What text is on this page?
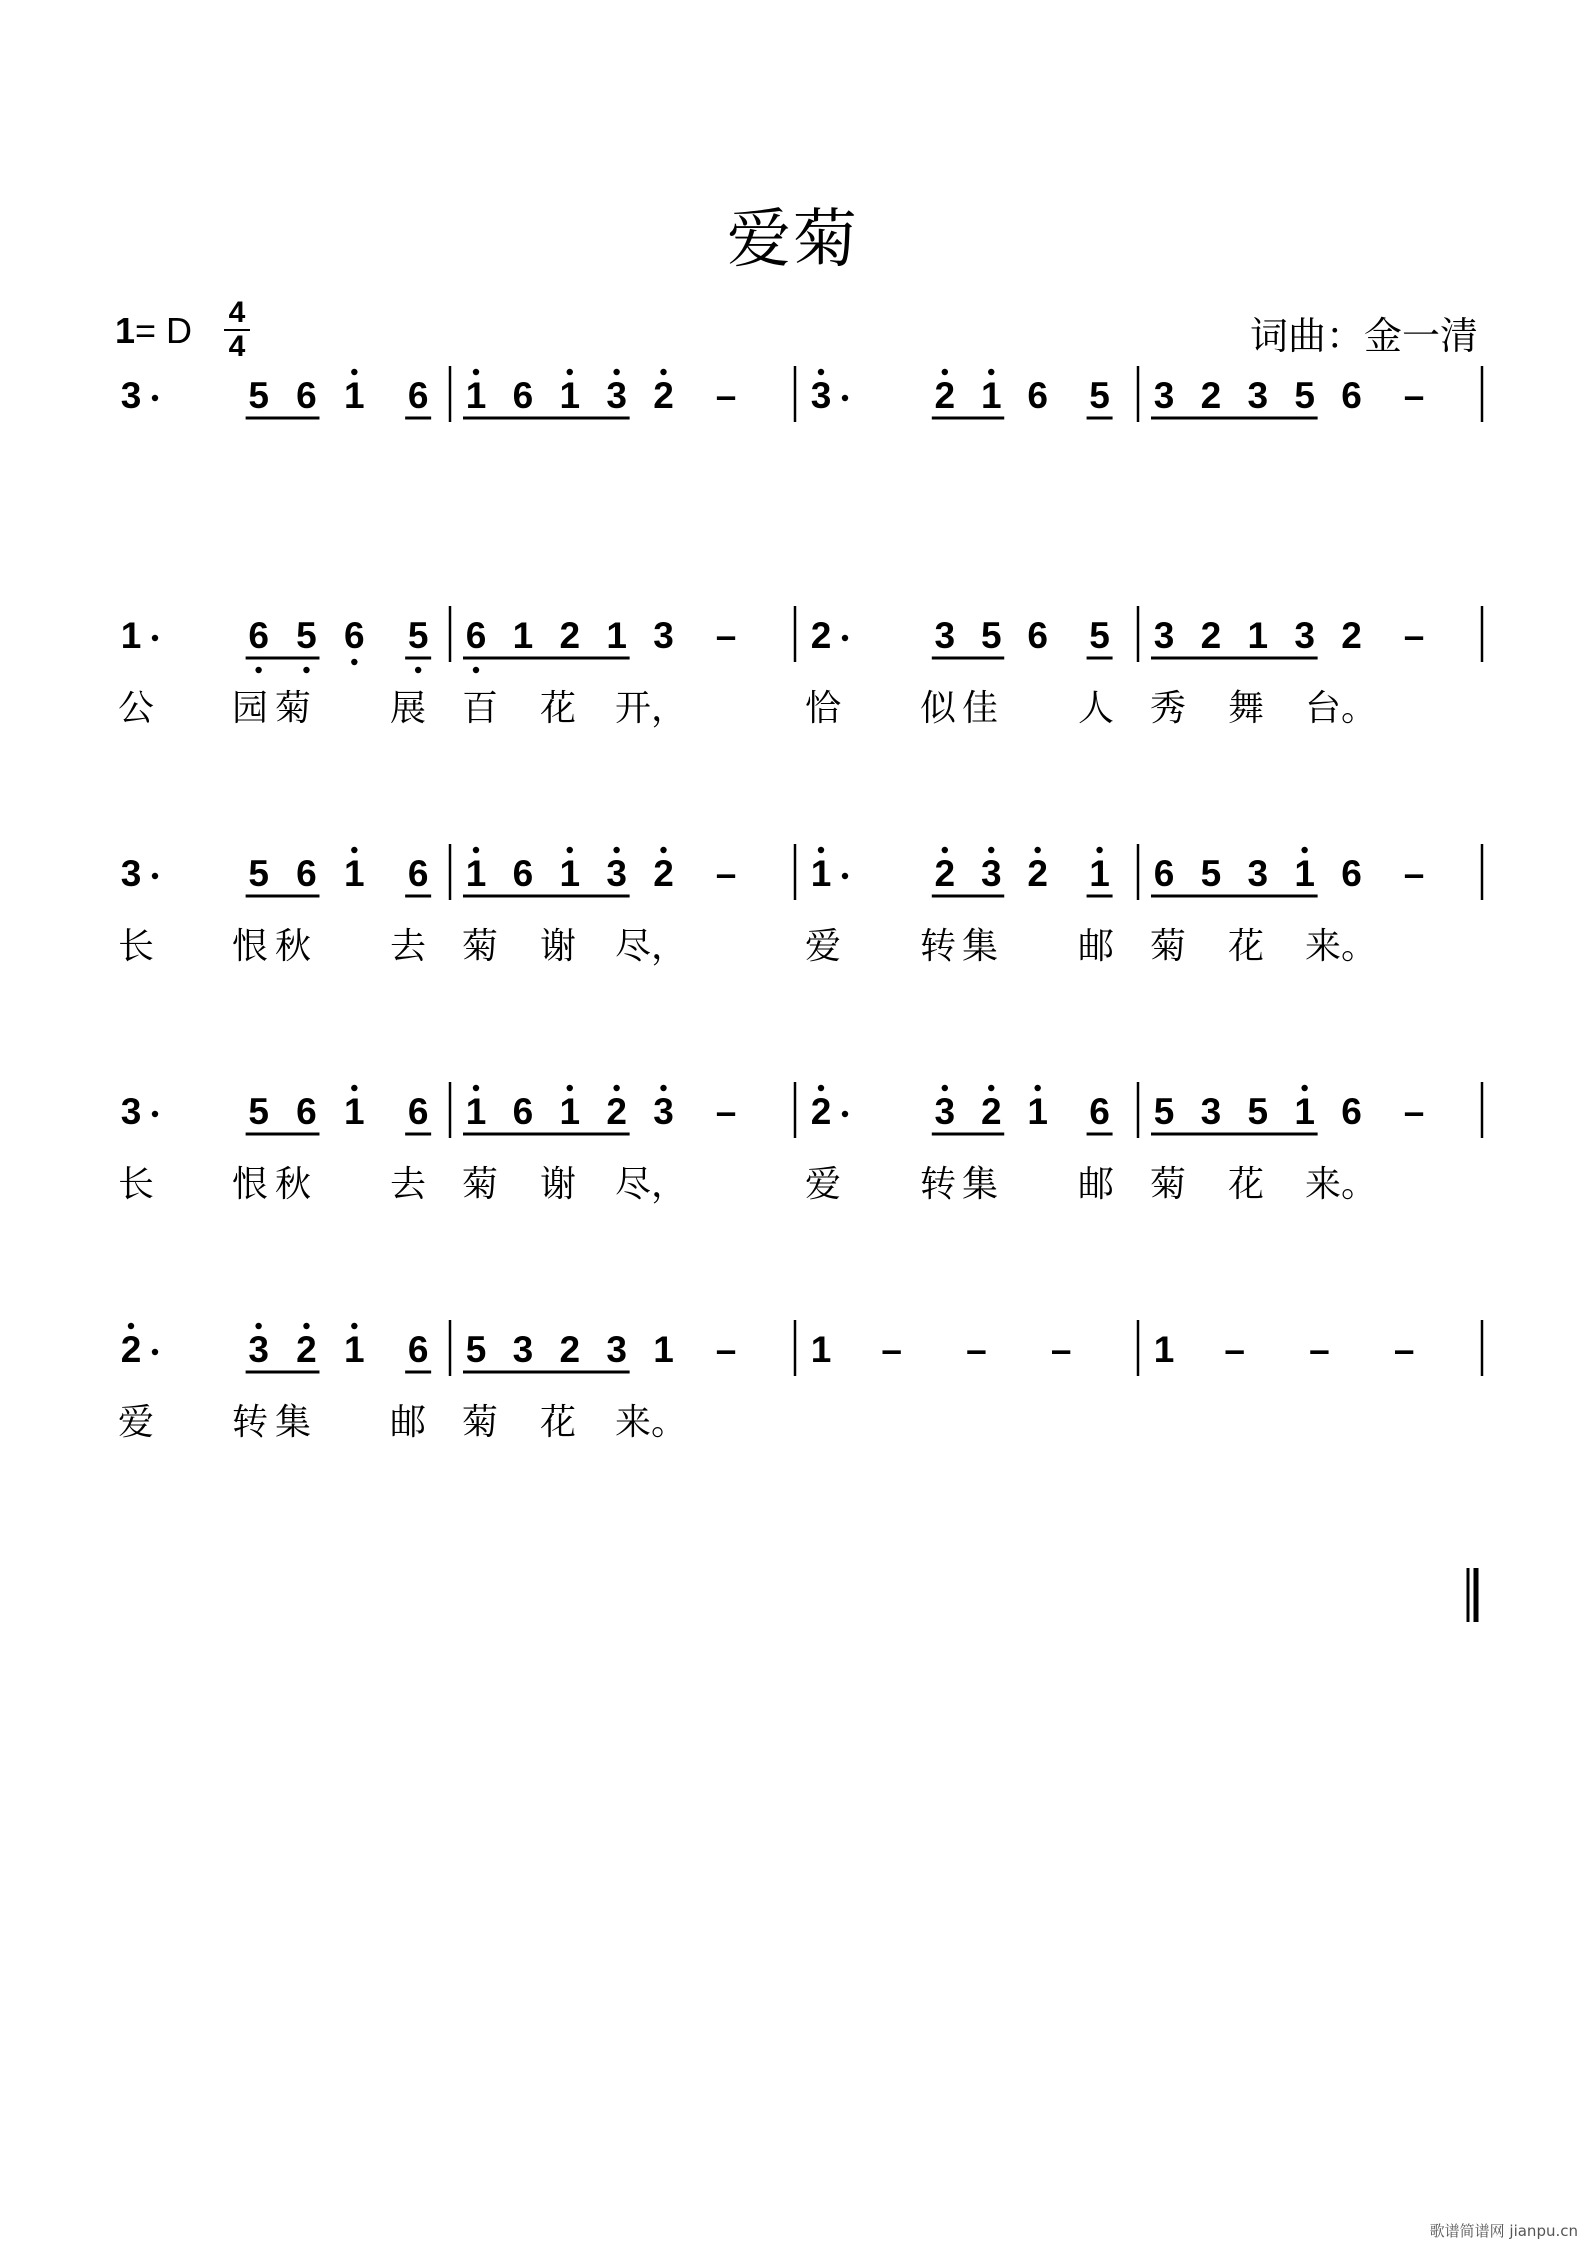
爱菊
1= D 4
4	词曲：金一清
3	5 6 1 6 1 6 1 3 2 – 3	2 1 6 5 3 2 3 5 6 –
1	6 5 6 5 6 1 2 1 3 – 2	3 5 6 5 3 2 1 3 2 –
公 园 菊 展 百 花 开，	恰 似 佳 人 秀 舞 台。
3	5 6 1 6 1 6 1 3 2 – 1	2 3 2 1 6 5 3 1 6 –
长 恨 秋 去 菊 谢 尽，	爱 转 集 邮 菊 花 来。
3	5 6 1 6 1 6 1 2 3 – 2	3 2 1 6 5 3 5 1 6 –
长 恨 秋 去 菊 谢 尽，	爱 转 集 邮 菊 花 来。
2	3 2 1 6 5 3 2 3 1 – 1 – – – 1 – – –
爱 转 集 邮 菊 花 来。
歌谱简谱网 jianpu.cn
